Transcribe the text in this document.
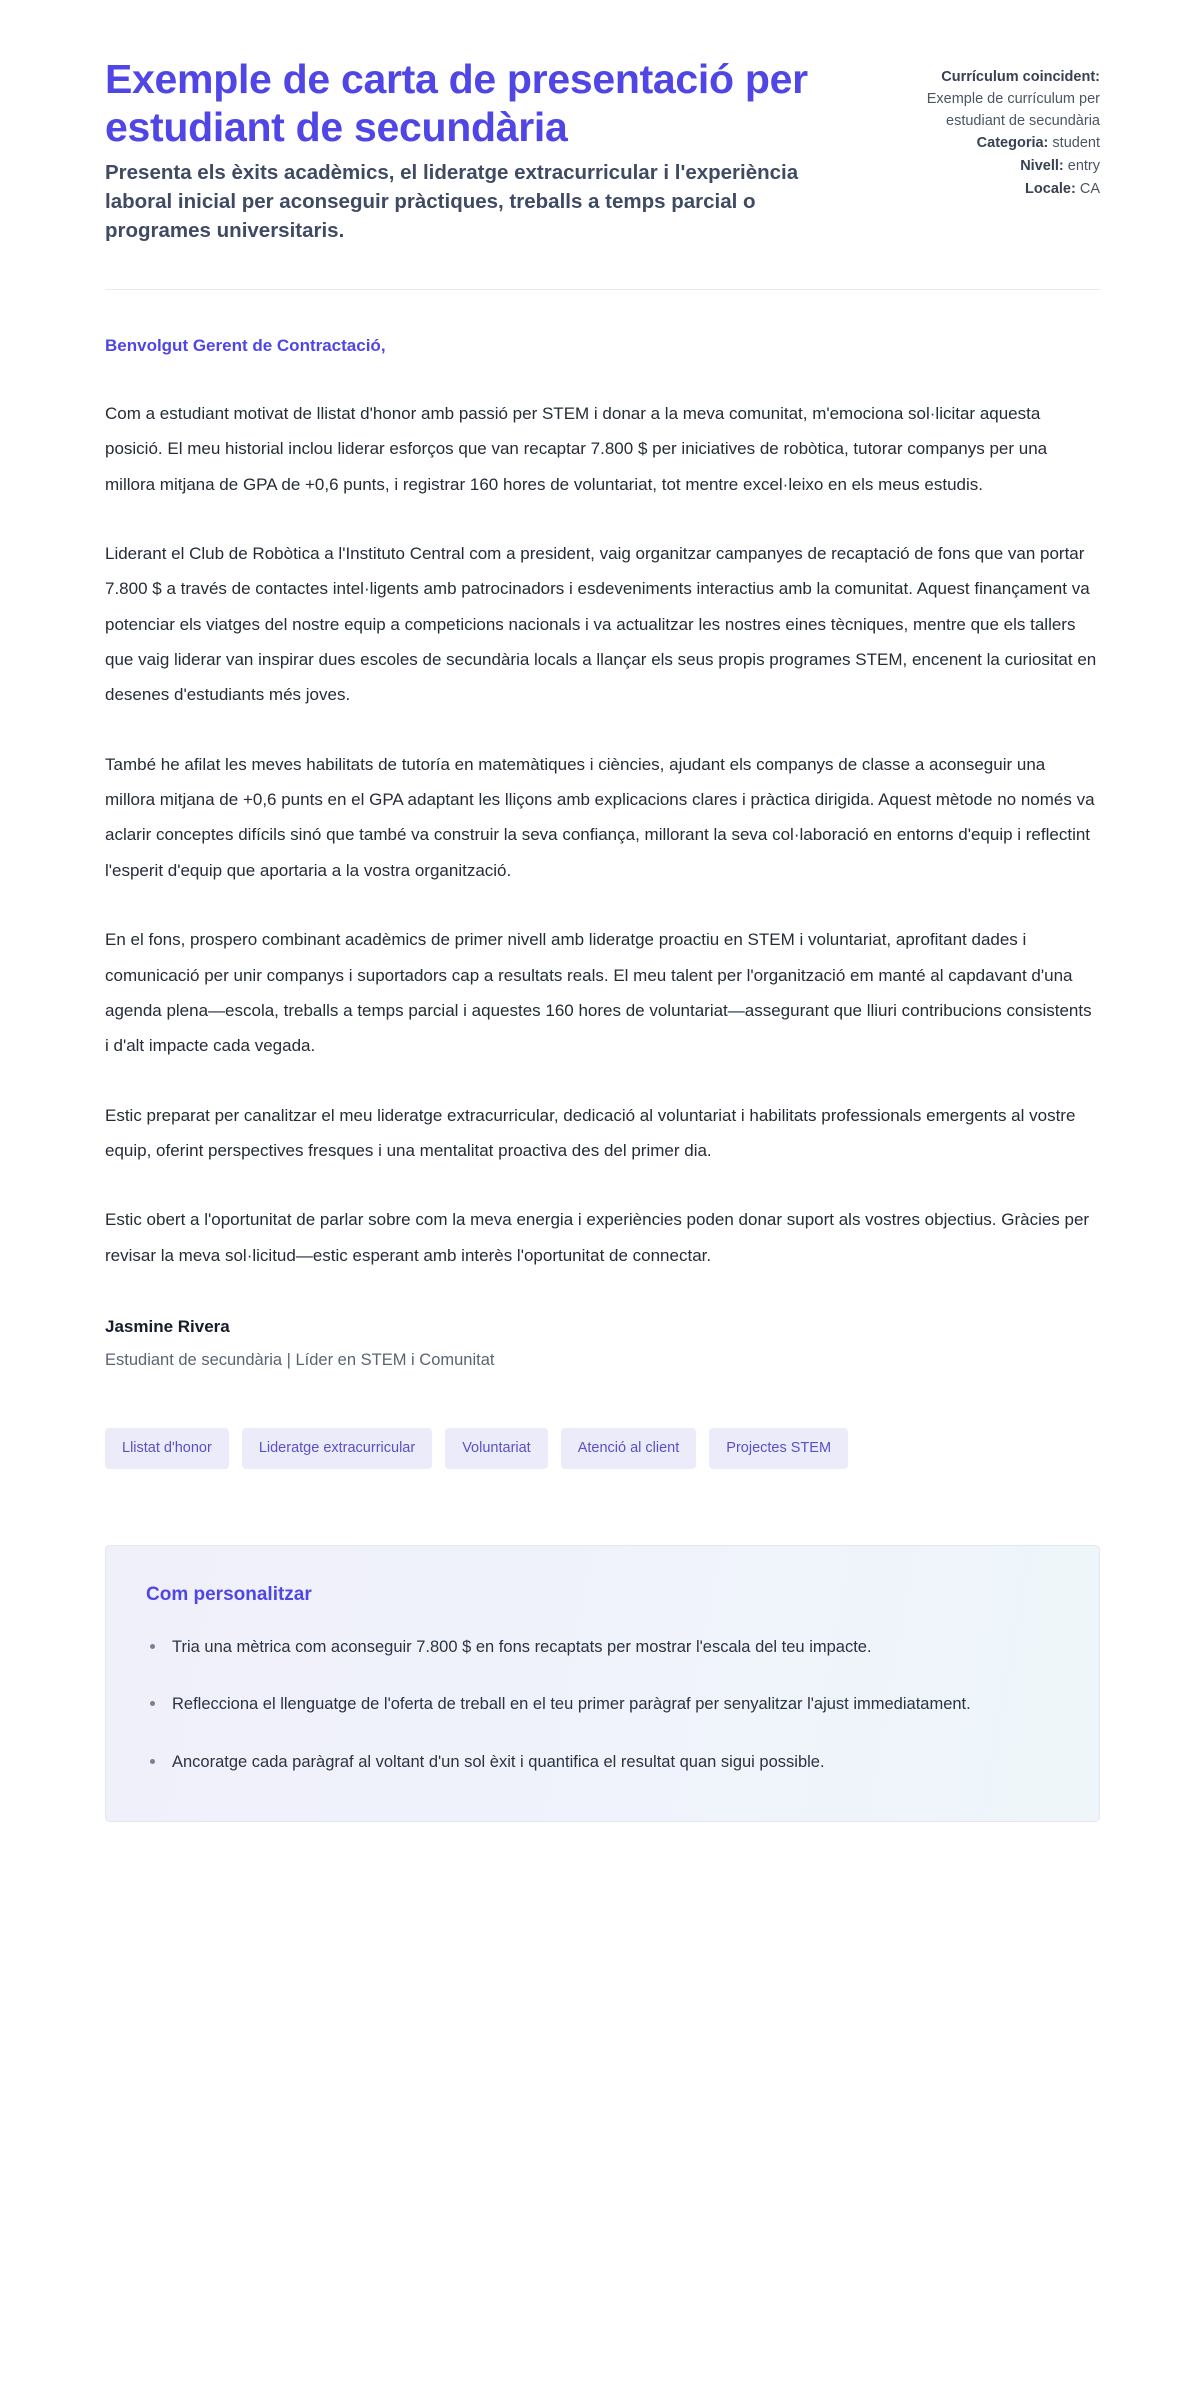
Exemple de carta de presentació per estudiant de secundària

Presenta els èxits acadèmics, el lideratge extracurricular i l'experiència laboral inicial per aconseguir pràctiques, treballs a temps parcial o programes universitaris.

Currículum coincident: Exemple de currículum per estudiant de secundària
Categoria: student
Nivell: entry
Locale: CA

Benvolgut Gerent de Contractació,

Com a estudiant motivat de llistat d'honor amb passió per STEM i donar a la meva comunitat, m'emociona sol·licitar aquesta posició. El meu historial inclou liderar esforços que van recaptar 7.800 $ per iniciatives de robòtica, tutorar companys per una millora mitjana de GPA de +0,6 punts, i registrar 160 hores de voluntariat, tot mentre excel·leixo en els meus estudis.

Liderant el Club de Robòtica a l'Instituto Central com a president, vaig organitzar campanyes de recaptació de fons que van portar 7.800 $ a través de contactes intel·ligents amb patrocinadors i esdeveniments interactius amb la comunitat. Aquest finançament va potenciar els viatges del nostre equip a competicions nacionals i va actualitzar les nostres eines tècniques, mentre que els tallers que vaig liderar van inspirar dues escoles de secundària locals a llançar els seus propis programes STEM, encenent la curiositat en desenes d'estudiants més joves.

També he afilat les meves habilitats de tutoría en matemàtiques i ciències, ajudant els companys de classe a aconseguir una millora mitjana de +0,6 punts en el GPA adaptant les lliçons amb explicacions clares i pràctica dirigida. Aquest mètode no només va aclarir conceptes difícils sinó que també va construir la seva confiança, millorant la seva col·laboració en entorns d'equip i reflectint l'esperit d'equip que aportaria a la vostra organització.

En el fons, prospero combinant acadèmics de primer nivell amb lideratge proactiu en STEM i voluntariat, aprofitant dades i comunicació per unir companys i suportadors cap a resultats reals. El meu talent per l'organització em manté al capdavant d'una agenda plena—escola, treballs a temps parcial i aquestes 160 hores de voluntariat—assegurant que lliuri contribucions consistents i d'alt impacte cada vegada.

Estic preparat per canalitzar el meu lideratge extracurricular, dedicació al voluntariat i habilitats professionals emergents al vostre equip, oferint perspectives fresques i una mentalitat proactiva des del primer dia.

Estic obert a l'oportunitat de parlar sobre com la meva energia i experiències poden donar suport als vostres objectius. Gràcies per revisar la meva sol·licitud—estic esperant amb interès l'oportunitat de connectar.

Jasmine Rivera

Estudiant de secundària | Líder en STEM i Comunitat

Llistat d'honor	Lideratge extracurricular	Voluntariat	Atenció al client	Projectes STEM

Com personalitzar

Tria una mètrica com aconseguir 7.800 $ en fons recaptats per mostrar l'escala del teu impacte.
Reflecciona el llenguatge de l'oferta de treball en el teu primer paràgraf per senyalitzar l'ajust immediatament.
Ancoratge cada paràgraf al voltant d'un sol èxit i quantifica el resultat quan sigui possible.
